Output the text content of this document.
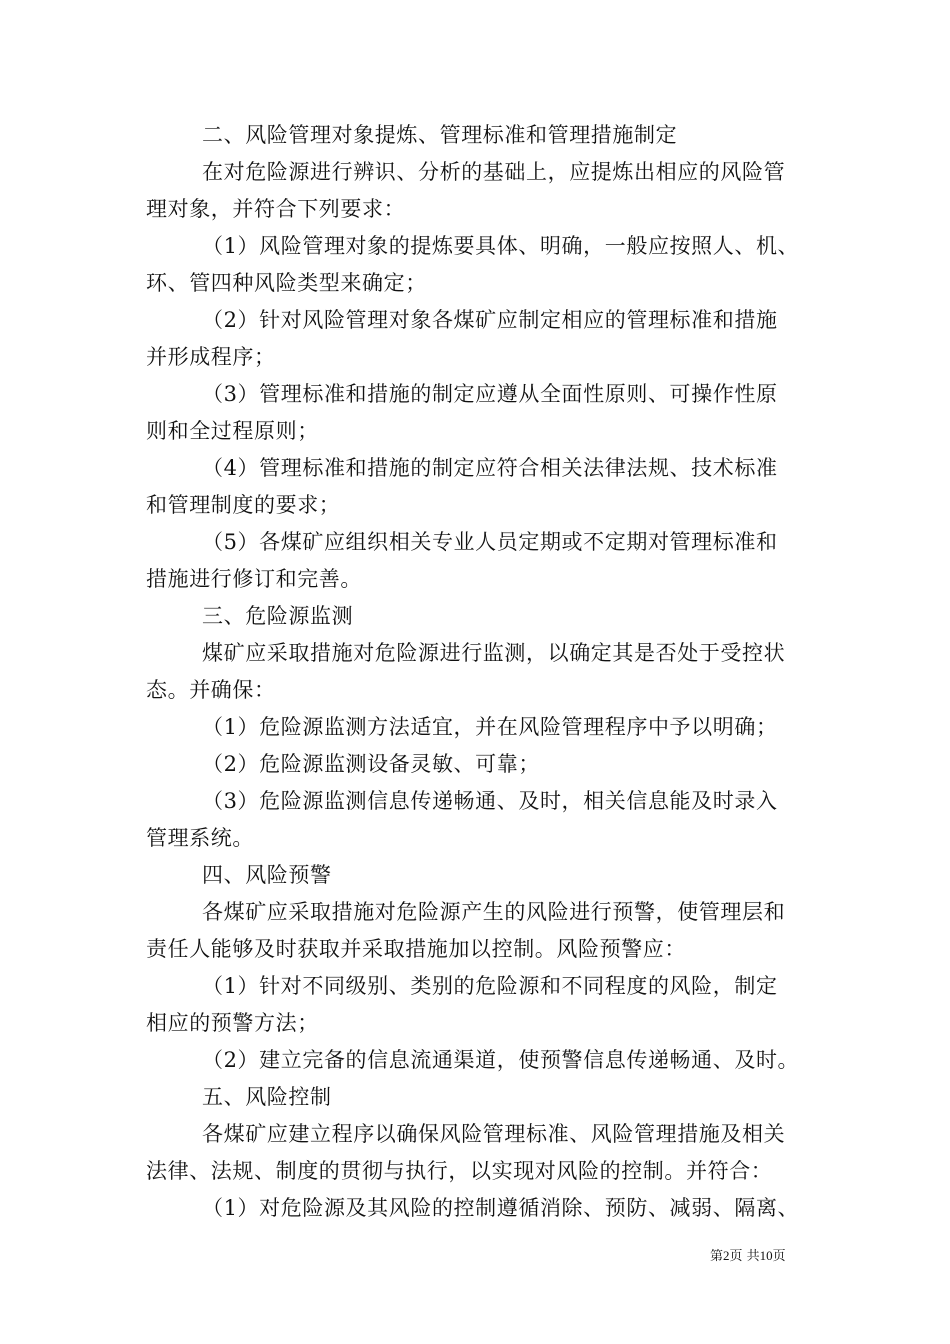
二、风险管理对象提炼、管理标准和管理措施制定
在对危险源进行辨识、分析的基础上，应提炼出相应的风险管
理对象，并符合下列要求：
（1）风险管理对象的提炼要具体、明确，一般应按照人、机、
环、管四种风险类型来确定；
（2）针对风险管理对象各煤矿应制定相应的管理标准和措施
并形成程序；
（3）管理标准和措施的制定应遵从全面性原则、可操作性原
则和全过程原则；
（4）管理标准和措施的制定应符合相关法律法规、技术标准
和管理制度的要求；
（5）各煤矿应组织相关专业人员定期或不定期对管理标准和
措施进行修订和完善。
三、危险源监测
煤矿应采取措施对危险源进行监测，以确定其是否处于受控状
态。并确保：
（1）危险源监测方法适宜，并在风险管理程序中予以明确；
（2）危险源监测设备灵敏、可靠；
（3）危险源监测信息传递畅通、及时，相关信息能及时录入
管理系统。
四、风险预警
各煤矿应采取措施对危险源产生的风险进行预警，使管理层和
责任人能够及时获取并采取措施加以控制。风险预警应：
（1）针对不同级别、类别的危险源和不同程度的风险，制定
相应的预警方法；
（2）建立完备的信息流通渠道，使预警信息传递畅通、及时。
五、风险控制
各煤矿应建立程序以确保风险管理标准、风险管理措施及相关
法律、法规、制度的贯彻与执行，以实现对风险的控制。并符合：
（1）对危险源及其风险的控制遵循消除、预防、减弱、隔离、
第2页 共10页
